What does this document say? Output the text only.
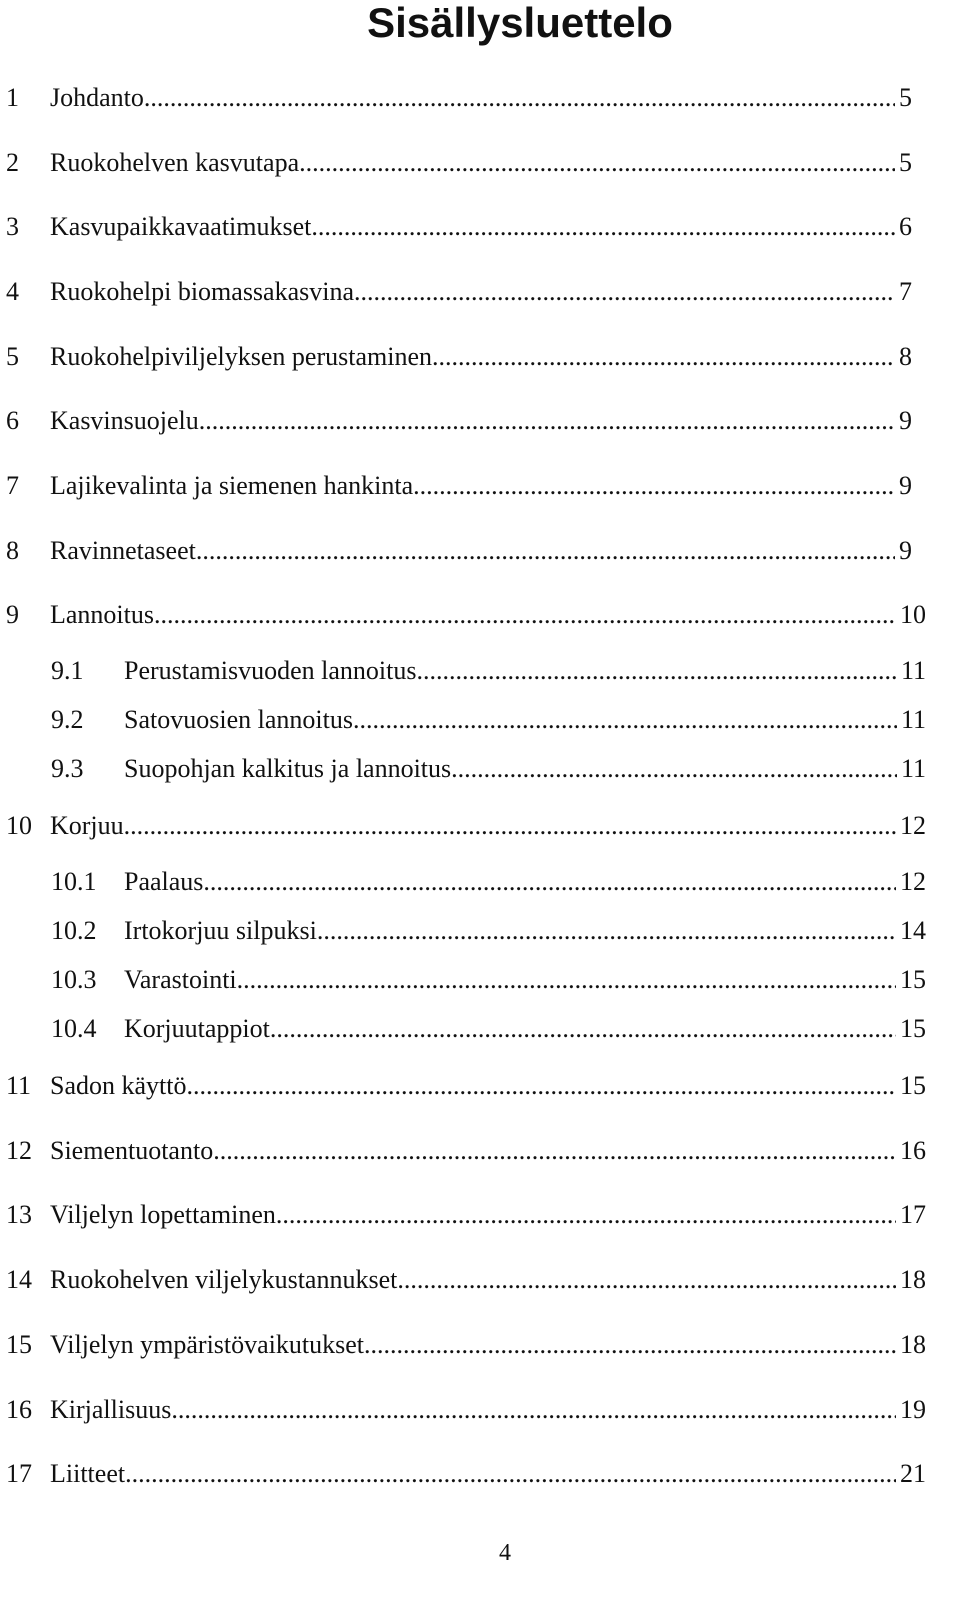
Sisällysluettelo
1 Johdanto .....	5
2 Ruokohelven kasvutapa .....	5
3 Kasvupaikkavaatimukset .....	6
4 Ruokohelpi biomassakasvina .....	7
5 Ruokohelpiviljelyksen perustaminen .....	8
6 Kasvinsuojelu .....	9
7 Lajikevalinta ja siemenen hankinta .....	9
8 Ravinnetaseet .....	9
9 Lannoitus .....	10
9.1 Perustamisvuoden lannoitus .....	11
9.2 Satovuosien lannoitus .....	11
9.3 Suopohjan kalkitus ja lannoitus .....	11
10 Korjuu .....	12
10.1 Paalaus .....	12
10.2 Irtokorjuu silpuksi .....	14
10.3 Varastointi .....	15
10.4 Korjuutappiot .....	15
11 Sadon käyttö .....	15
12 Siementuotanto .....	16
13 Viljelyn lopettaminen .....	17
14 Ruokohelven viljelykustannukset .....	18
15 Viljelyn ympäristövaikutukset .....	18
16 Kirjallisuus .....	19
17 Liitteet .....	21
4
